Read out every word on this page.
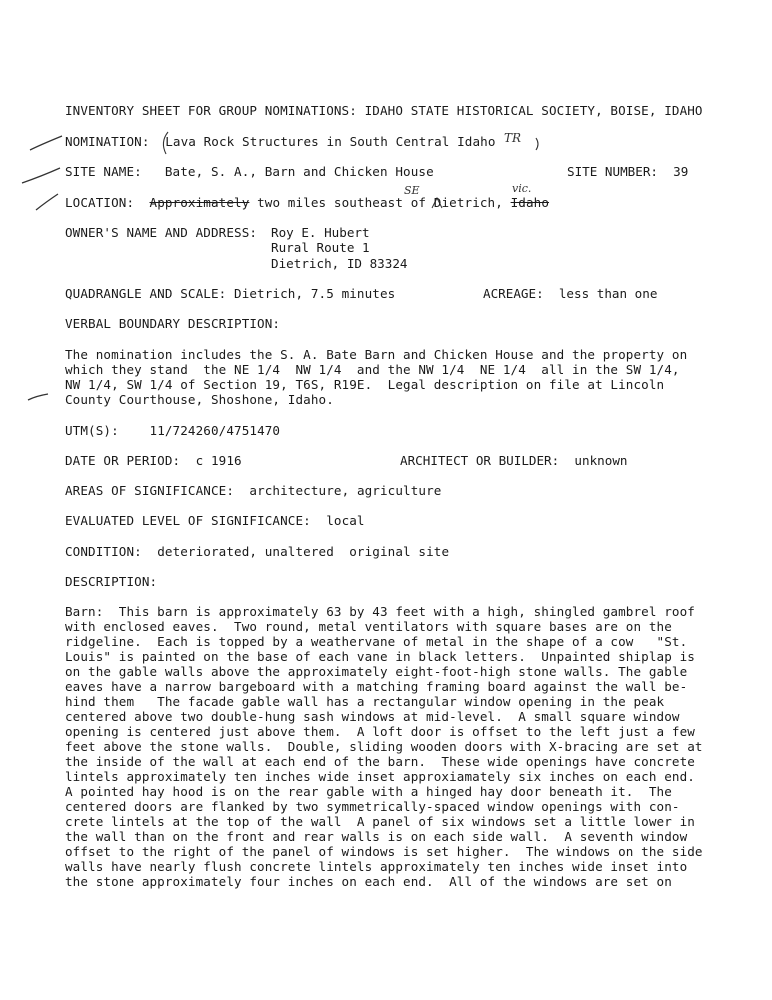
INVENTORY SHEET FOR GROUP NOMINATIONS: IDAHO STATE HISTORICAL SOCIETY, BOISE, IDAHO
NOMINATION: Lava Rock Structures in South Central Idaho TR
SITE NAME: Bate, S. A., Barn and Chicken House	SITE NUMBER: 39
SE	vic.
LOCATION: Approximately two miles southeast of Dietrich, Idaho
OWNER'S NAME AND ADDRESS: Roy E. Hubert
Rural Route 1
Dietrich, ID 83324
QUADRANGLE AND SCALE: Dietrich, 7.5 minutes	ACREAGE: less than one
VERBAL BOUNDARY DESCRIPTION:
The nomination includes the S. A. Bate Barn and Chicken House and the property on
which they stand  the NE 1/4  NW 1/4  and the NW 1/4  NE 1/4  all in the SW 1/4,
NW 1/4, SW 1/4 of Section 19, T6S, R19E.  Legal description on file at Lincoln
County Courthouse, Shoshone, Idaho.
UTM(S): 11/724260/4751470
DATE OR PERIOD: c 1916	ARCHITECT OR BUILDER: unknown
AREAS OF SIGNIFICANCE: architecture, agriculture
EVALUATED LEVEL OF SIGNIFICANCE: local
CONDITION: deteriorated, unaltered  original site
DESCRIPTION:
Barn:  This barn is approximately 63 by 43 feet with a high, shingled gambrel roof
with enclosed eaves.  Two round, metal ventilators with square bases are on the
ridgeline.  Each is topped by a weathervane of metal in the shape of a cow   "St.
Louis" is painted on the base of each vane in black letters.  Unpainted shiplap is
on the gable walls above the approximately eight-foot-high stone walls. The gable
eaves have a narrow bargeboard with a matching framing board against the wall be-
hind them   The facade gable wall has a rectangular window opening in the peak
centered above two double-hung sash windows at mid-level.  A small square window
opening is centered just above them.  A loft door is offset to the left just a few
feet above the stone walls.  Double, sliding wooden doors with X-bracing are set at
the inside of the wall at each end of the barn.  These wide openings have concrete
lintels approximately ten inches wide inset approxiamately six inches on each end.
A pointed hay hood is on the rear gable with a hinged hay door beneath it.  The
centered doors are flanked by two symmetrically-spaced window openings with con-
crete lintels at the top of the wall  A panel of six windows set a little lower in
the wall than on the front and rear walls is on each side wall.  A seventh window
offset to the right of the panel of windows is set higher.  The windows on the side
walls have nearly flush concrete lintels approximately ten inches wide inset into
the stone approximately four inches on each end.  All of the windows are set on
